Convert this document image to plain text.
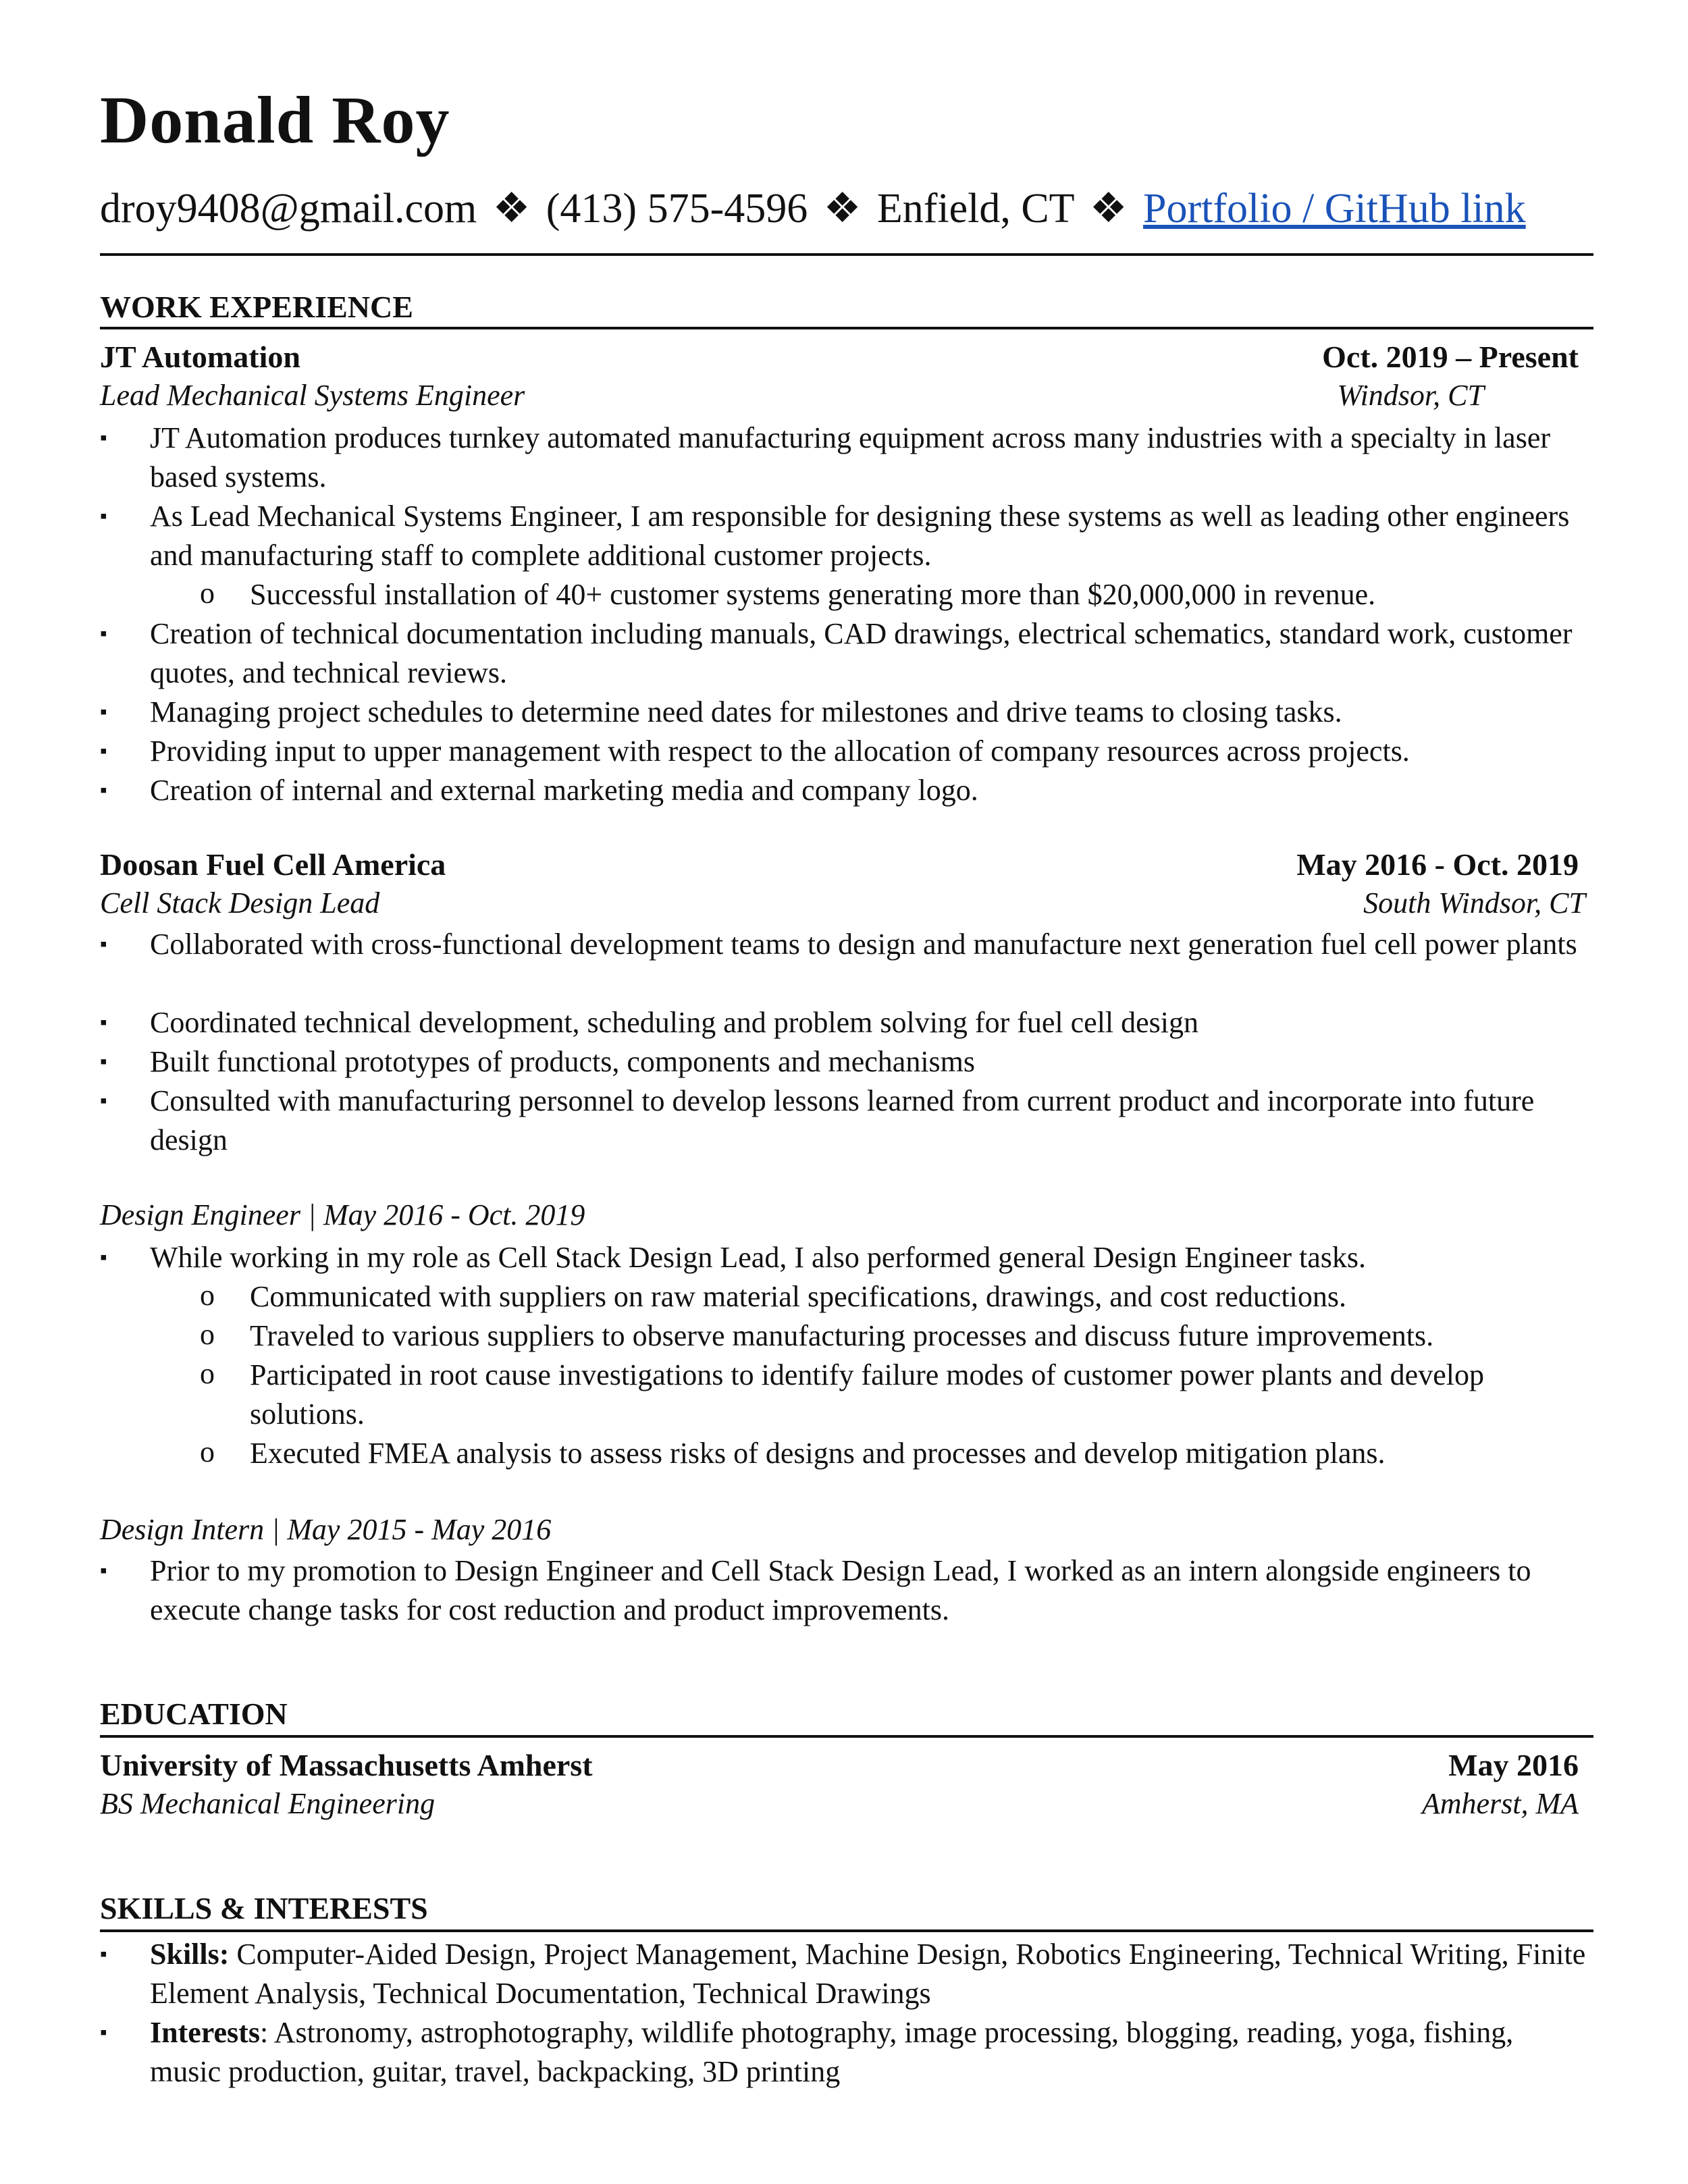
Donald Roy
droy9408@gmail.com ❖ (413) 575-4596 ❖ Enfield, CT ❖ Portfolio / GitHub link
WORK EXPERIENCE
JT Automation	Oct. 2019 – Present
Lead Mechanical Systems Engineer	Windsor, CT
▪ JT Automation produces turnkey automated manufacturing equipment across many industries with a specialty in laser based systems.
▪ As Lead Mechanical Systems Engineer, I am responsible for designing these systems as well as leading other engineers and manufacturing staff to complete additional customer projects.
o Successful installation of 40+ customer systems generating more than $20,000,000 in revenue.
▪ Creation of technical documentation including manuals, CAD drawings, electrical schematics, standard work, customer quotes, and technical reviews.
▪ Managing project schedules to determine need dates for milestones and drive teams to closing tasks.
▪ Providing input to upper management with respect to the allocation of company resources across projects.
▪ Creation of internal and external marketing media and company logo.
Doosan Fuel Cell America	May 2016 - Oct. 2019
Cell Stack Design Lead	South Windsor, CT
▪ Collaborated with cross-functional development teams to design and manufacture next generation fuel cell power plants
▪ Coordinated technical development, scheduling and problem solving for fuel cell design
▪ Built functional prototypes of products, components and mechanisms
▪ Consulted with manufacturing personnel to develop lessons learned from current product and incorporate into future design
Design Engineer | May 2016 - Oct. 2019
▪ While working in my role as Cell Stack Design Lead, I also performed general Design Engineer tasks.
o Communicated with suppliers on raw material specifications, drawings, and cost reductions.
o Traveled to various suppliers to observe manufacturing processes and discuss future improvements.
o Participated in root cause investigations to identify failure modes of customer power plants and develop solutions.
o Executed FMEA analysis to assess risks of designs and processes and develop mitigation plans.
Design Intern | May 2015 - May 2016
▪ Prior to my promotion to Design Engineer and Cell Stack Design Lead, I worked as an intern alongside engineers to execute change tasks for cost reduction and product improvements.
EDUCATION
University of Massachusetts Amherst	May 2016
BS Mechanical Engineering	Amherst, MA
SKILLS & INTERESTS
▪ Skills: Computer-Aided Design, Project Management, Machine Design, Robotics Engineering, Technical Writing, Finite Element Analysis, Technical Documentation, Technical Drawings
▪ Interests: Astronomy, astrophotography, wildlife photography, image processing, blogging, reading, yoga, fishing, music production, guitar, travel, backpacking, 3D printing
